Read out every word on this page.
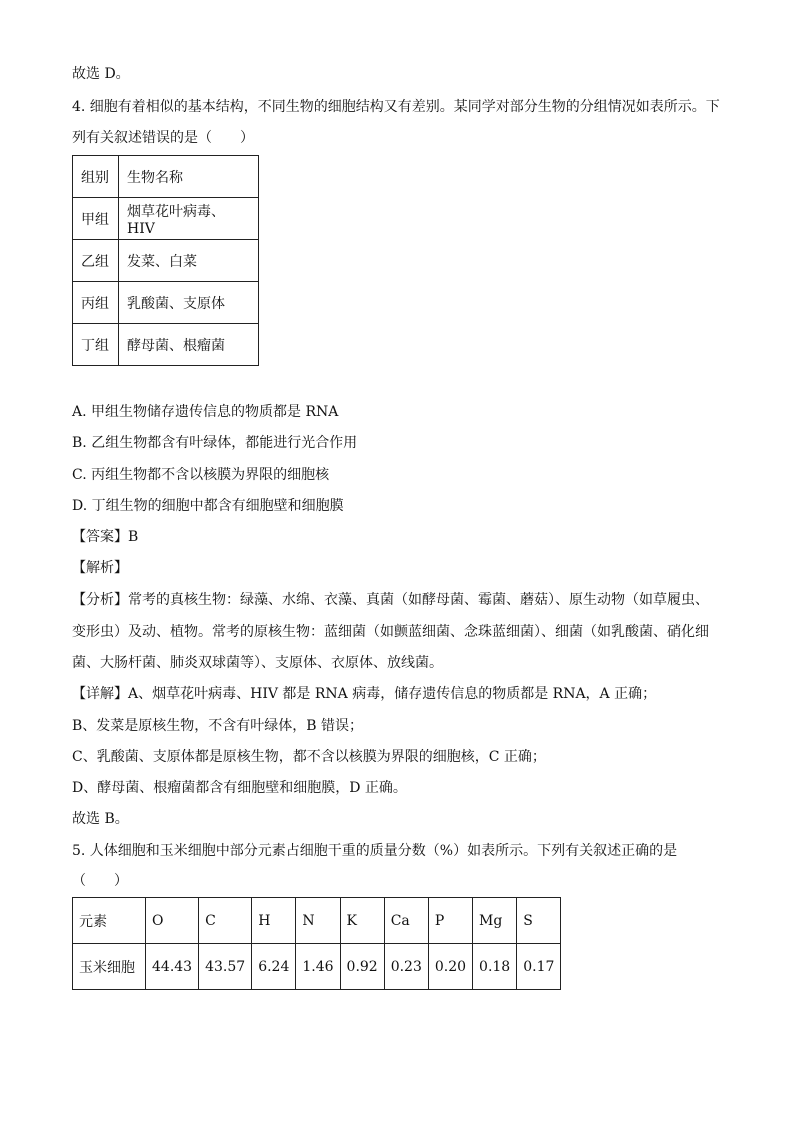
故选 D。
4. 细胞有着相似的基本结构，不同生物的细胞结构又有差别。某同学对部分生物的分组情况如表所示。下
列有关叙述错误的是（　　）
组别	生物名称
甲组	烟草花叶病毒、HIV
乙组	发菜、白菜
丙组	乳酸菌、支原体
丁组	酵母菌、根瘤菌
A. 甲组生物储存遗传信息的物质都是 RNA
B. 乙组生物都含有叶绿体，都能进行光合作用
C. 丙组生物都不含以核膜为界限的细胞核
D. 丁组生物的细胞中都含有细胞壁和细胞膜
【答案】B
【解析】
【分析】常考的真核生物：绿藻、水绵、衣藻、真菌（如酵母菌、霉菌、蘑菇）、原生动物（如草履虫、
变形虫）及动、植物。常考的原核生物：蓝细菌（如颤蓝细菌、念珠蓝细菌）、细菌（如乳酸菌、硝化细
菌、大肠杆菌、肺炎双球菌等）、支原体、衣原体、放线菌。
【详解】A、烟草花叶病毒、HIV 都是 RNA 病毒，储存遗传信息的物质都是 RNA，A 正确；
B、发菜是原核生物，不含有叶绿体，B 错误；
C、乳酸菌、支原体都是原核生物，都不含以核膜为界限的细胞核，C 正确；
D、酵母菌、根瘤菌都含有细胞壁和细胞膜，D 正确。
故选 B。
5. 人体细胞和玉米细胞中部分元素占细胞干重的质量分数（%）如表所示。下列有关叙述正确的是
（　　）
元素	O	C	H	N	K	Ca	P	Mg	S
玉米细胞	44.43	43.57	6.24	1.46	0.92	0.23	0.20	0.18	0.17
